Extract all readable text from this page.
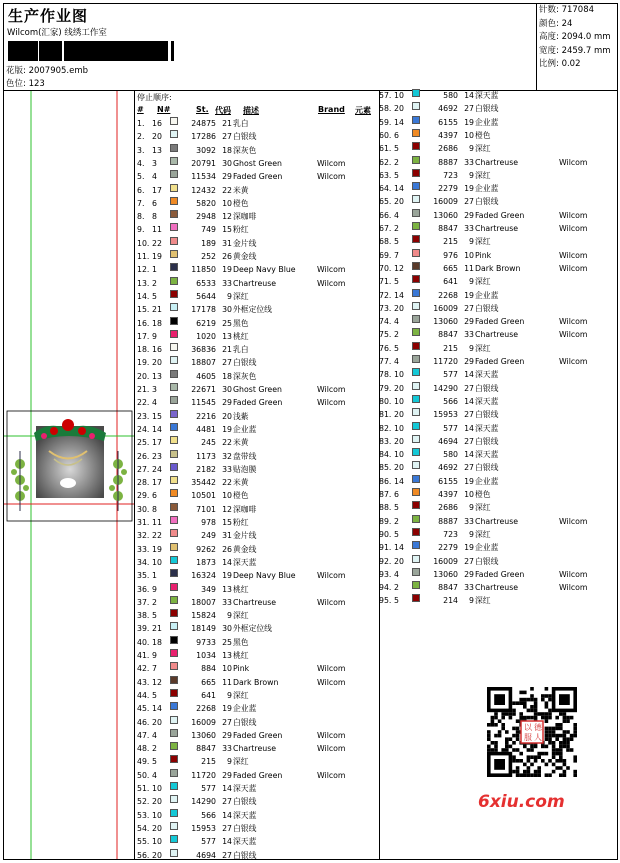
生产作业图
Wilcom(汇家) 线绣工作室
花版: 2007905.emb
色位: 123
针数: 717084
颜色: 24
高度: 2094.0 mm
宽度: 2459.7 mm
比例: 0.02
停止顺序:
# N#	St. 代码 描述	Brand 元素
1. 16	24875 21 乳白
2. 20	17286 27 白银线
3. 13	3092 18 深灰色
4. 3	20791 30 Ghost Green	Wilcom
5. 4	11534 29 Faded Green	Wilcom
6. 17	12432 22 米黄
7. 6	5820 10 橙色
8. 8	2948 12 深咖啡
9. 11	749 15 粉红
10. 22	189 31 金片线
11. 19	252 26 黄金线
12. 1	11850 19 Deep Navy Blue	Wilcom
13. 2	6533 33 Chartreuse	Wilcom
14. 5	5644 9 深红
15. 21	17178 30 外框定位线
16. 18	6219 25 黑色
17. 9	1020 13 桃红
18. 16	36836 21 乳白
19. 20	18807 27 白银线
20. 13	4605 18 深灰色
21. 3	22671 30 Ghost Green	Wilcom
22. 4	11545 29 Faded Green	Wilcom
23. 15	2216 20 浅紫
24. 14	4481 19 企业蓝
25. 17	245 22 米黄
26. 23	1173 32 盘带线
27. 24	2182 33 贴泡膜
28. 17	35442 22 米黄
29. 6	10501 10 橙色
30. 8	7101 12 深咖啡
31. 11	978 15 粉红
32. 22	249 31 金片线
33. 19	9262 26 黄金线
34. 10	1873 14 深天蓝
35. 1	16324 19 Deep Navy Blue	Wilcom
36. 9	349 13 桃红
37. 2	18007 33 Chartreuse	Wilcom
38. 5	15824 9 深红
39. 21	18149 30 外框定位线
40. 18	9733 25 黑色
41. 9	1034 13 桃红
42. 7	884 10 Pink	Wilcom
43. 12	665 11 Dark Brown	Wilcom
44. 5	641 9 深红
45. 14	2268 19 企业蓝
46. 20	16009 27 白银线
47. 4	13060 29 Faded Green	Wilcom
48. 2	8847 33 Chartreuse	Wilcom
49. 5	215 9 深红
50. 4	11720 29 Faded Green	Wilcom
51. 10	577 14 深天蓝
52. 20	14290 27 白银线
53. 10	566 14 深天蓝
54. 20	15953 27 白银线
55. 10	577 14 深天蓝
56. 20	4694 27 白银线
57. 10	580 14 深天蓝
58. 20	4692 27 白银线
59. 14	6155 19 企业蓝
60. 6	4397 10 橙色
61. 5	2686 9 深红
62. 2	8887 33 Chartreuse	Wilcom
63. 5	723 9 深红
64. 14	2279 19 企业蓝
65. 20	16009 27 白银线
66. 4	13060 29 Faded Green	Wilcom
67. 2	8847 33 Chartreuse	Wilcom
68. 5	215 9 深红
69. 7	976 10 Pink	Wilcom
70. 12	665 11 Dark Brown	Wilcom
71. 5	641 9 深红
72. 14	2268 19 企业蓝
73. 20	16009 27 白银线
74. 4	13060 29 Faded Green	Wilcom
75. 2	8847 33 Chartreuse	Wilcom
76. 5	215 9 深红
77. 4	11720 29 Faded Green	Wilcom
78. 10	577 14 深天蓝
79. 20	14290 27 白银线
80. 10	566 14 深天蓝
81. 20	15953 27 白银线
82. 10	577 14 深天蓝
83. 20	4694 27 白银线
84. 10	580 14 深天蓝
85. 20	4692 27 白银线
86. 14	6155 19 企业蓝
87. 6	4397 10 橙色
88. 5	2686 9 深红
89. 2	8887 33 Chartreuse	Wilcom
90. 5	723 9 深红
91. 14	2279 19 企业蓝
92. 20	16009 27 白银线
93. 4	13060 29 Faded Green	Wilcom
94. 2	8847 33 Chartreuse	Wilcom
95. 5	214 9 深红
以 德
服 人
6xiu.com
